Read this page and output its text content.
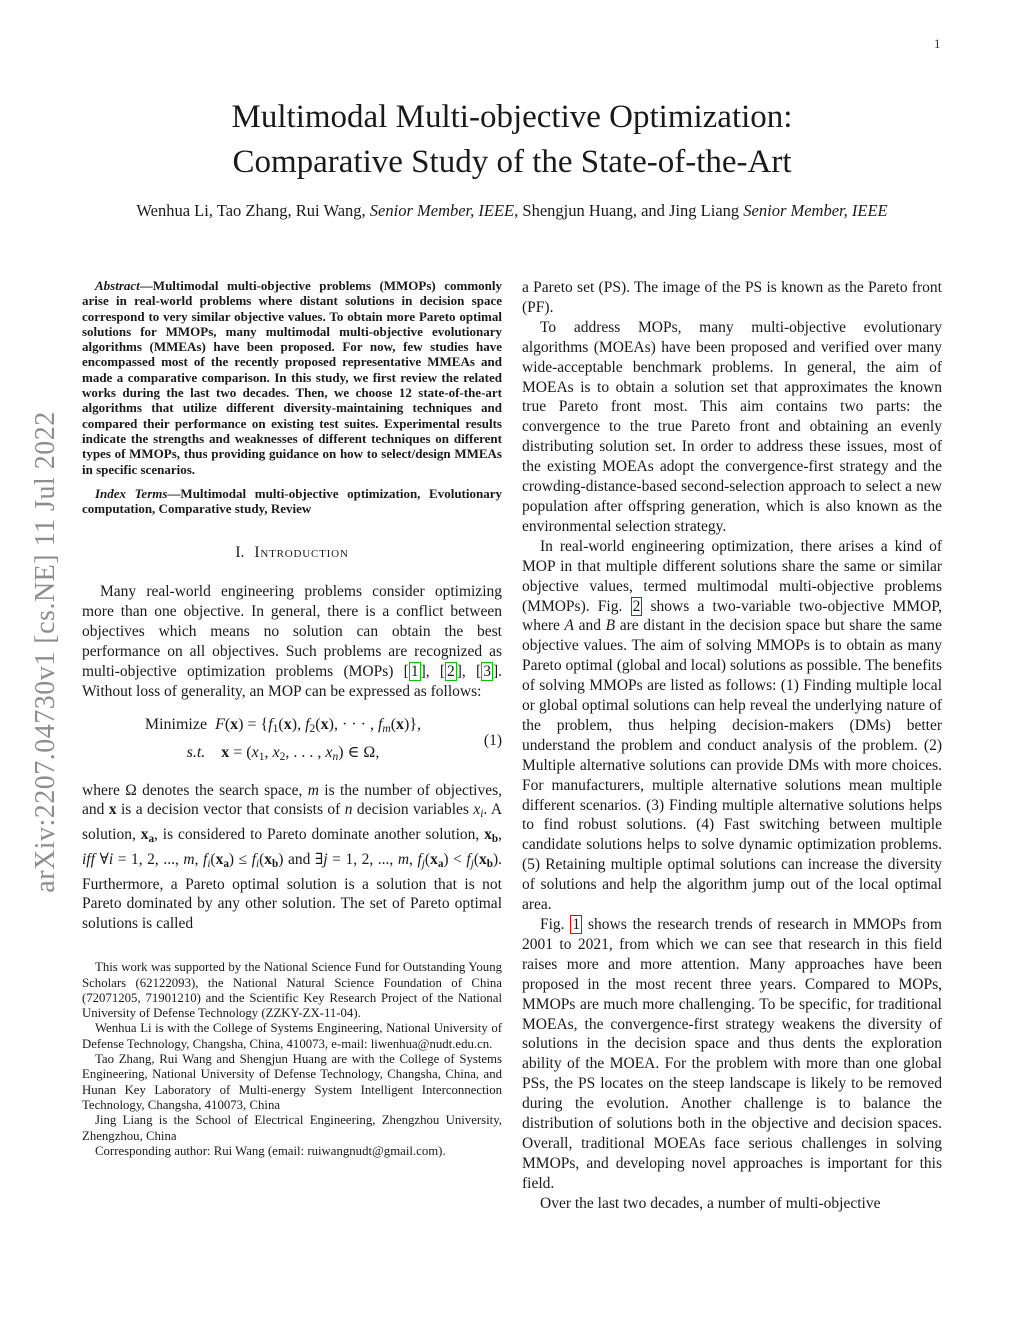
1
arXiv:2207.04730v1 [cs.NE] 11 Jul 2022
Multimodal Multi-objective Optimization:
Comparative Study of the State-of-the-Art
Wenhua Li, Tao Zhang, Rui Wang, Senior Member, IEEE, Shengjun Huang, and Jing Liang Senior Member, IEEE

Abstract—Multimodal multi-objective problems (MMOPs) commonly arise in real-world problems where distant solutions in decision space correspond to very similar objective values. To obtain more Pareto optimal solutions for MMOPs, many multimodal multi-objective evolutionary algorithms (MMEAs) have been proposed. For now, few studies have encompassed most of the recently proposed representative MMEAs and made a comparative comparison. In this study, we first review the related works during the last two decades. Then, we choose 12 state-of-the-art algorithms that utilize different diversity-maintaining techniques and compared their performance on existing test suites. Experimental results indicate the strengths and weaknesses of different techniques on different types of MMOPs, thus providing guidance on how to select/design MMEAs in specific scenarios.

Index Terms—Multimodal multi-objective optimization, Evolutionary computation, Comparative study, Review

I. Introduction

Many real-world engineering problems consider optimizing more than one objective. In general, there is a conflict between objectives which means no solution can obtain the best performance on all objectives. Such problems are recognized as multi-objective optimization problems (MOPs) [ 1 ], [ 2 ], [ 3 ]. Without loss of generality, an MOP can be expressed as follows:

Minimize  $F(x) = \{f_1(x)$, $f_2(x)$, · · · , $f_m(x)$},
s.t. $x = (x_1$, $x_2$, . . . , $x_n$) ∈ Ω,
(1)

where Ω denotes the search space, m is the number of objectives, and x is a decision vector that consists of n decision variables $x_i$. A solution, $x_a$, is considered to Pareto dominate another solution, $x_b$, iff ∀i = 1, 2, ..., m, $f_i(x_a) \le f_i(x_b)$ and ∃j = 1, 2, ..., m, $f_j(x_a) < f_j(x_b)$. Furthermore, a Pareto optimal solution is a solution that is not Pareto dominated by any other solution. The set of Pareto optimal solutions is called

This work was supported by the National Science Fund for Outstanding Young Scholars (62122093), the National Natural Science Foundation of China (72071205, 71901210) and the Scientific Key Research Project of the National University of Defense Technology (ZZKY-ZX-11-04).

Wenhua Li is with the College of Systems Engineering, National University of Defense Technology, Changsha, China, 410073, e-mail: liwenhua@nudt.edu.cn.

Tao Zhang, Rui Wang and Shengjun Huang are with the College of Systems Engineering, National University of Defense Technology, Changsha, China, and Hunan Key Laboratory of Multi-energy System Intelligent Interconnection Technology, Changsha, 410073, China

Jing Liang is the School of Electrical Engineering, Zhengzhou University, Zhengzhou, China

Corresponding author: Rui Wang (email: ruiwangnudt@gmail.com).

a Pareto set (PS). The image of the PS is known as the Pareto front (PF).

To address MOPs, many multi-objective evolutionary algorithms (MOEAs) have been proposed and verified over many wide-acceptable benchmark problems. In general, the aim of MOEAs is to obtain a solution set that approximates the known true Pareto front most. This aim contains two parts: the convergence to the true Pareto front and obtaining an evenly distributing solution set. In order to address these issues, most of the existing MOEAs adopt the convergence-first strategy and the crowding-distance-based second-selection approach to select a new population after offspring generation, which is also known as the environmental selection strategy.

In real-world engineering optimization, there arises a kind of MOP in that multiple different solutions share the same or similar objective values, termed multimodal multi-objective problems (MMOPs). Fig. 2 shows a two-variable two-objective MMOP, where A and B are distant in the decision space but share the same objective values. The aim of solving MMOPs is to obtain as many Pareto optimal (global and local) solutions as possible. The benefits of solving MMOPs are listed as follows: (1) Finding multiple local or global optimal solutions can help reveal the underlying nature of the problem, thus helping decision-makers (DMs) better understand the problem and conduct analysis of the problem. (2) Multiple alternative solutions can provide DMs with more choices. For manufacturers, multiple alternative solutions mean multiple different scenarios. (3) Finding multiple alternative solutions helps to find robust solutions. (4) Fast switching between multiple candidate solutions helps to solve dynamic optimization problems. (5) Retaining multiple optimal solutions can increase the diversity of solutions and help the algorithm jump out of the local optimal area.

Fig. 1 shows the research trends of research in MMOPs from 2001 to 2021, from which we can see that research in this field raises more and more attention. Many approaches have been proposed in the most recent three years. Compared to MOPs, MMOPs are much more challenging. To be specific, for traditional MOEAs, the convergence-first strategy weakens the diversity of solutions in the decision space and thus dents the exploration ability of the MOEA. For the problem with more than one global PSs, the PS locates on the steep landscape is likely to be removed during the evolution. Another challenge is to balance the distribution of solutions both in the objective and decision spaces. Overall, traditional MOEAs face serious challenges in solving MMOPs, and developing novel approaches is important for this field.

Over the last two decades, a number of multi-objective
